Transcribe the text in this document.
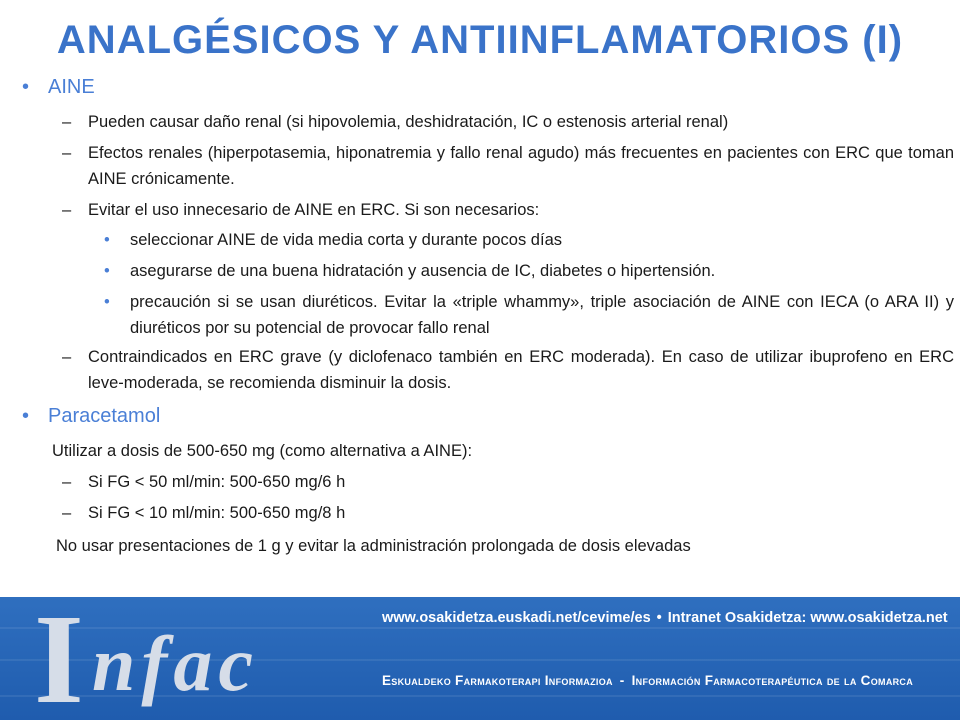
ANALGÉSICOS Y ANTIINFLAMATORIOS (I)
• AINE
– Pueden causar daño renal (si hipovolemia, deshidratación, IC o estenosis arterial renal)
– Efectos renales (hiperpotasemia, hiponatremia y fallo renal agudo) más frecuentes en pacientes con ERC que toman AINE crónicamente.
– Evitar el uso innecesario de AINE en ERC. Si son necesarios:
• seleccionar AINE de vida media corta y durante pocos días
• asegurarse de una buena hidratación y ausencia de IC, diabetes o hipertensión.
• precaución si se usan diuréticos. Evitar la «triple whammy», triple asociación de AINE con IECA (o ARA II) y diuréticos por su potencial de provocar fallo renal
– Contraindicados en ERC grave (y diclofenaco también en ERC moderada). En caso de utilizar ibuprofeno en ERC leve-moderada, se recomienda disminuir la dosis.
• Paracetamol
Utilizar a dosis de 500-650 mg (como alternativa a AINE):
– Si FG < 50 ml/min: 500-650 mg/6 h
– Si FG < 10 ml/min: 500-650 mg/8 h
No usar presentaciones de 1 g y evitar la administración prolongada de dosis elevadas
I nfac
www.osakidetza.euskadi.net/cevime/es • Intranet Osakidetza: www.osakidetza.net
Eskualdeko Farmakoterapi Informazioa - Información Farmacoterapéutica de la Comarca
